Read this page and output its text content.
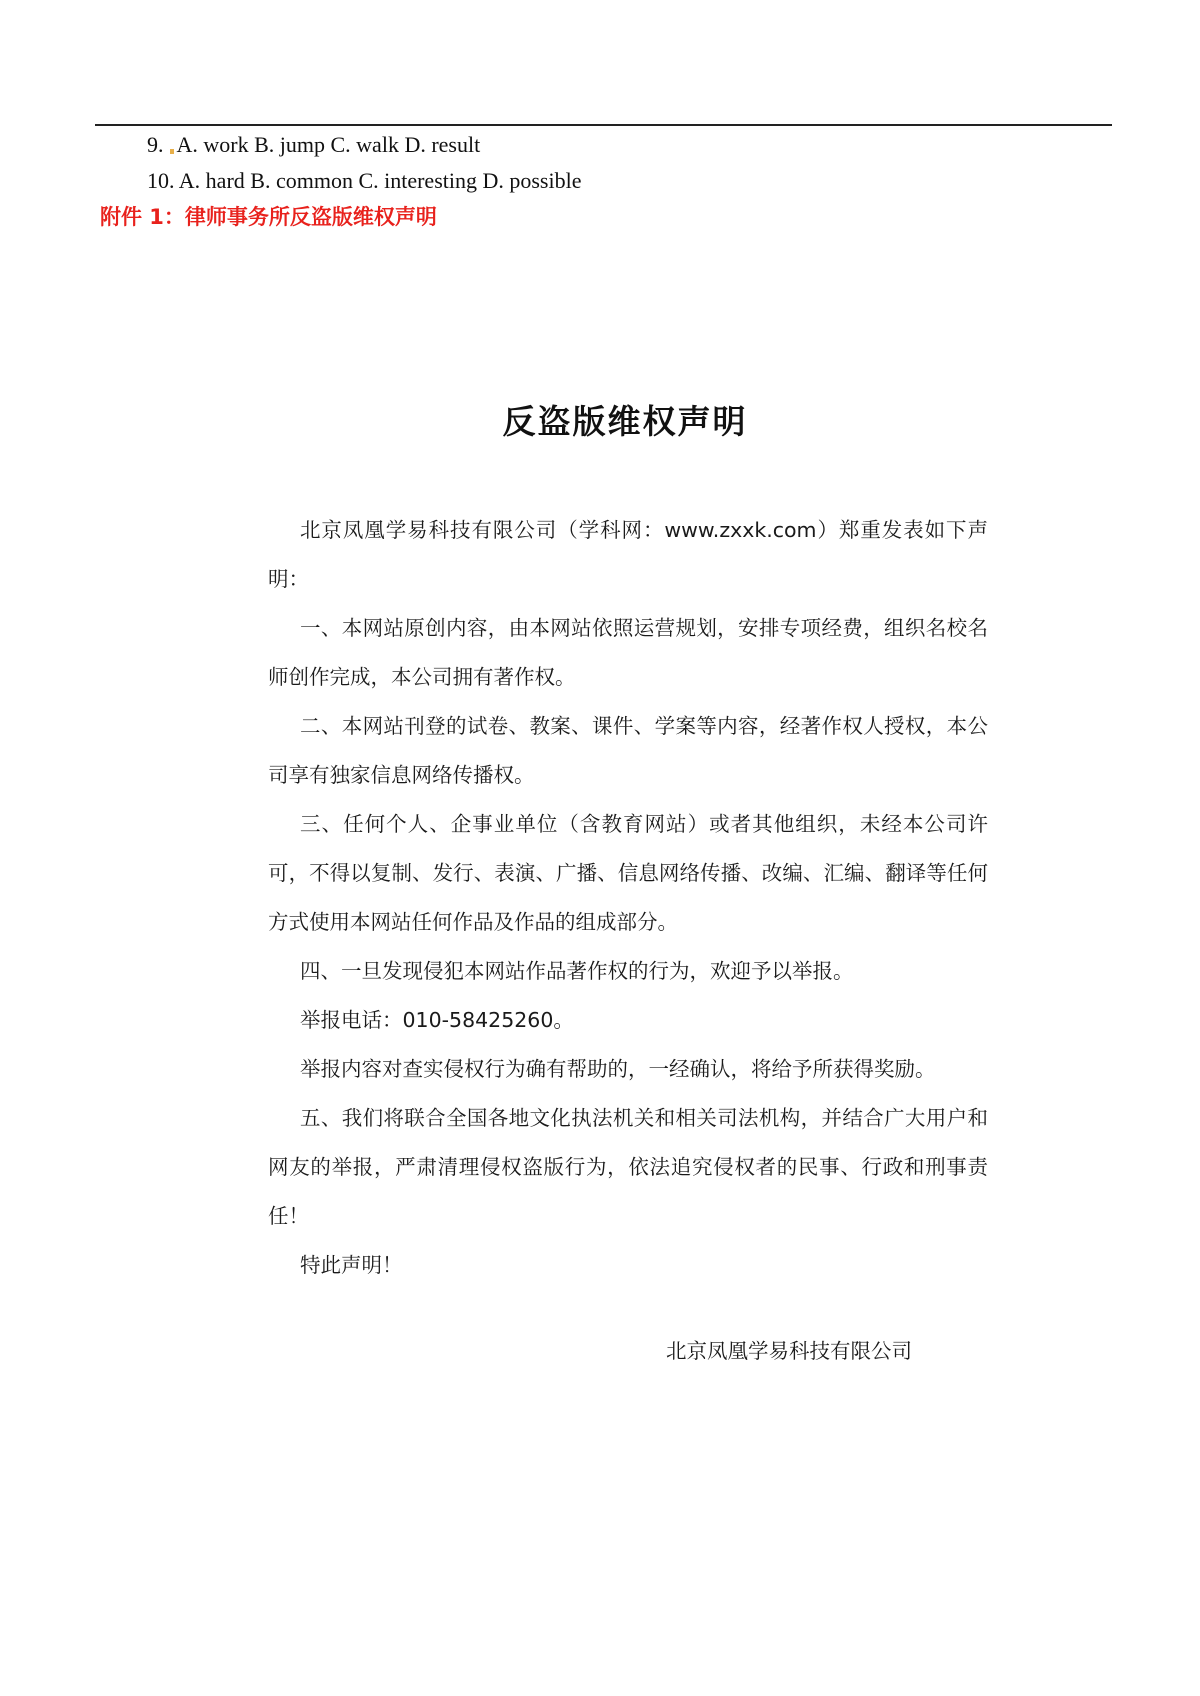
9. A. work B. jump C. walk D. result
10. A. hard B. common C. interesting D. possible
附件 1：律师事务所反盗版维权声明
反盗版维权声明

北京凤凰学易科技有限公司（学科网：www.zxxk.com）郑重发表如下声明：

一、本网站原创内容，由本网站依照运营规划，安排专项经费，组织名校名师创作完成，本公司拥有著作权。

二、本网站刊登的试卷、教案、课件、学案等内容，经著作权人授权，本公司享有独家信息网络传播权。

三、任何个人、企事业单位（含教育网站）或者其他组织，未经本公司许可，不得以复制、发行、表演、广播、信息网络传播、改编、汇编、翻译等任何方式使用本网站任何作品及作品的组成部分。

四、一旦发现侵犯本网站作品著作权的行为，欢迎予以举报。

举报电话：010-58425260。

举报内容对查实侵权行为确有帮助的，一经确认，将给予所获得奖励。

五、我们将联合全国各地文化执法机关和相关司法机构，并结合广大用户和网友的举报，严肃清理侵权盗版行为，依法追究侵权者的民事、行政和刑事责任！

特此声明！

北京凤凰学易科技有限公司
